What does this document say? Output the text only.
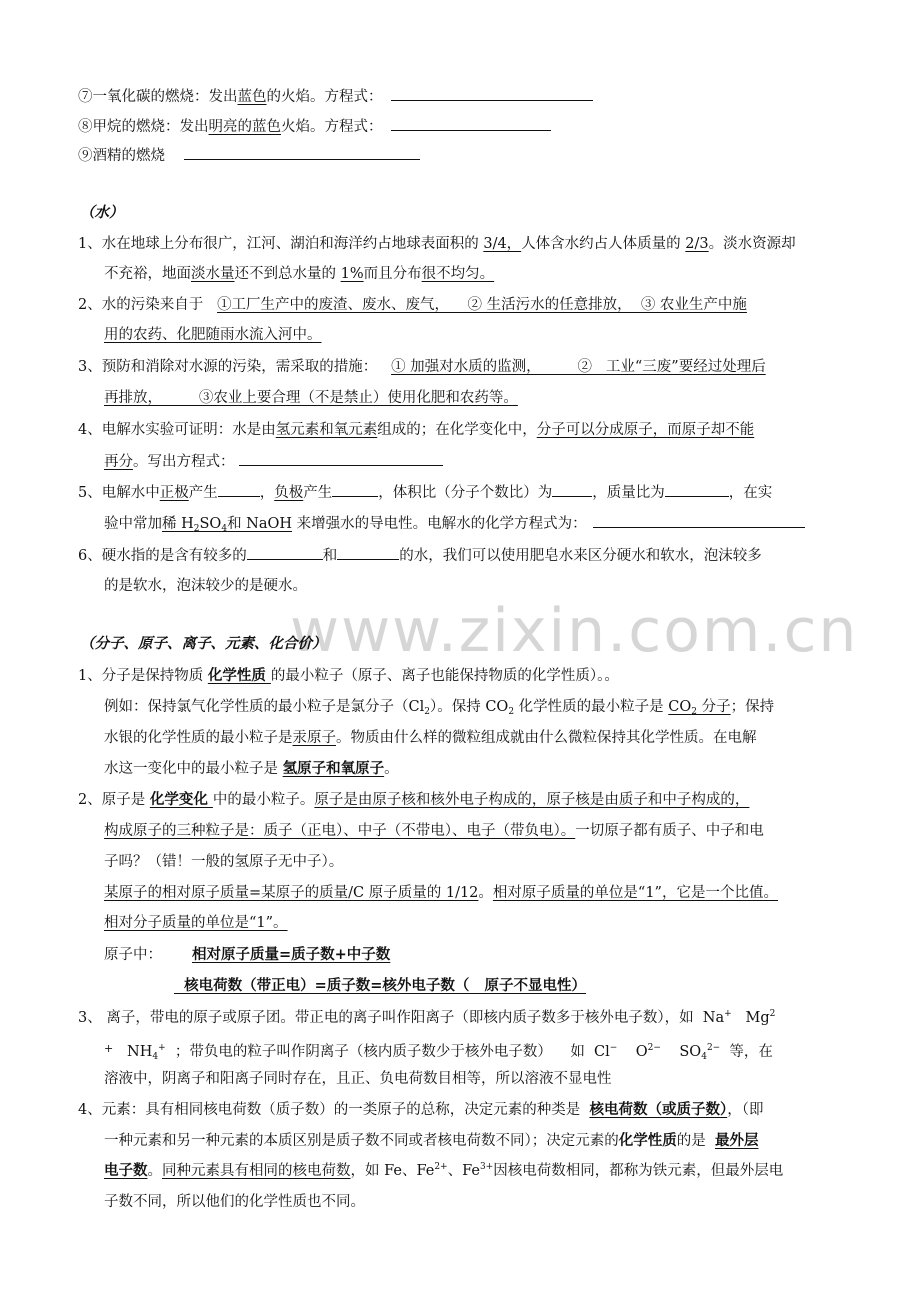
www.zixin.com.cn
⑦一氧化碳的燃烧：发出蓝色的火焰。方程式：
⑧甲烷的燃烧：发出明亮的蓝色火焰。方程式：
⑨酒精的燃烧
（水）
1、水在地球上分布很广，江河、湖泊和海洋约占地球表面积的 3/4，人体含水约占人体质量的 2/3。淡水资源却
不充裕，地面淡水量还不到总水量的 1%而且分布很不均匀。
2、水的污染来自于 ①工厂生产中的废渣、废水、废气，    ② 生活污水的任意排放，  ③ 农业生产中施
用的农药、化肥随雨水流入河中。
3、预防和消除对水源的污染，需采取的措施： ① 加强对水质的监测，        ②   工业“三废”要经过处理后
再排放，        ③农业上要合理（不是禁止）使用化肥和农药等。
4、电解水实验可证明：水是由氢元素和氧元素组成的；在化学变化中，分子可以分成原子，而原子却不能
再分。写出方程式：
5、电解水中正极产生	，负极产生	，体积比（分子个数比）为	，质量比为	，在实
验中常加稀 $H_2SO_4$和 NaOH 来增强水的导电性。电解水的化学方程式为：
6、硬水指的是含有较多的	和	的水，我们可以使用肥皂水来区分硬水和软水，泡沫较多
的是软水，泡沫较少的是硬水。
（分子、原子、离子、元素、化合价）
1、分子是保持物质 化学性质 的最小粒子（原子、离子也能保持物质的化学性质）。。
例如：保持氯气化学性质的最小粒子是氯分子$(Cl_2)$。保持 $CO_2$ 化学性质的最小粒子是 $CO_2$ 分子；保持
水银的化学性质的最小粒子是汞原子。物质由什么样的微粒组成就由什么微粒保持其化学性质。在电解
水这一变化中的最小粒子是 氢原子和氧原子。
2、原子是 化学变化 中的最小粒子。原子是由原子核和核外电子构成的，原子核是由质子和中子构成的，
构成原子的三种粒子是：质子（正电）、中子（不带电）、电子（带负电）。一切原子都有质子、中子和电
子吗？（错！一般的氢原子无中子）。
某原子的相对原子质量=某原子的质量/C 原子质量的 1/12。相对原子质量的单位是“1”，它是一个比值。
相对分子质量的单位是“1”。
原子中： 相对原子质量=质子数+中子数
核电荷数（带正电）=质子数=核外电子数（   原子不显电性）
3、 离子，带电的原子或原子团。带正电的离子叫作阳离子（即核内质子数多于核外电子数），如  Na+   Mg$^2$
+   $NH_4^+$  ；带负电的粒子叫作阴离子（核内质子数少于核外电子数）    如  Cl−    $O^{2-}$    $SO_4^{2-}$  等，在
溶液中，阴离子和阳离子同时存在，且正、负电荷数目相等，所以溶液不显电性
4、元素：具有相同核电荷数（质子数）的一类原子的总称，决定元素的种类是  核电荷数（或质子数），（即
一种元素和另一种元素的本质区别是质子数不同或者核电荷数不同）；决定元素的化学性质的是  最外层
电子数。同种元素具有相同的核电荷数，如 Fe、$Fe^{2+}$、$Fe^{3+}$因核电荷数相同，都称为铁元素，但最外层电
子数不同，所以他们的化学性质也不同。
